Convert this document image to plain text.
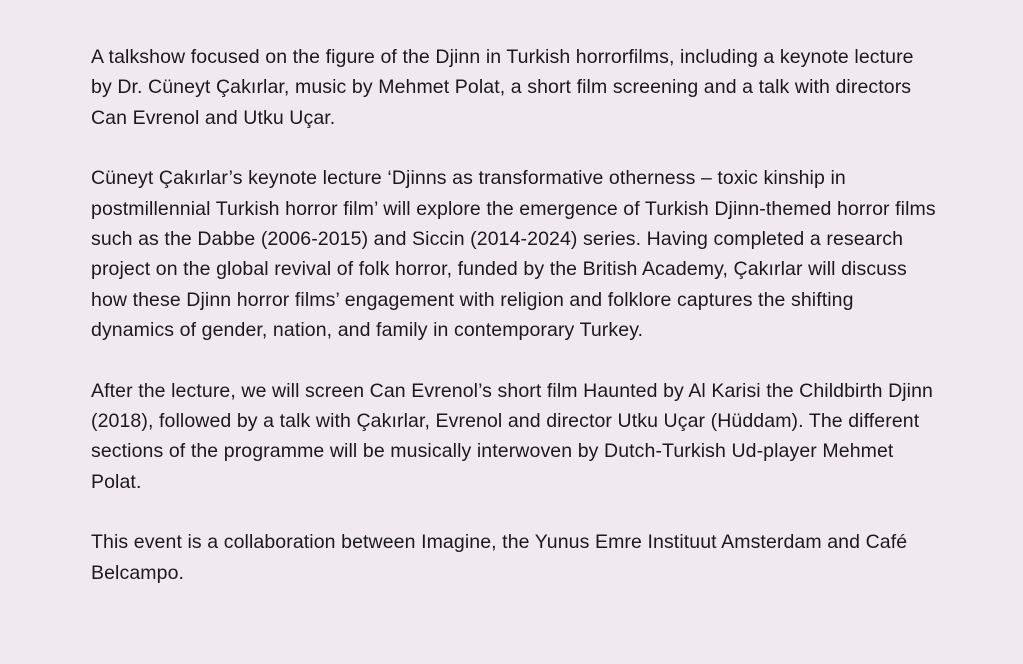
A talkshow focused on the figure of the Djinn in Turkish horrorfilms, including a keynote lecture by Dr. Cüneyt Çakırlar, music by Mehmet Polat, a short film screening and a talk with directors Can Evrenol and Utku Uçar.

Cüneyt Çakırlar’s keynote lecture ‘Djinns as transformative otherness – toxic kinship in postmillennial Turkish horror film’ will explore the emergence of Turkish Djinn-themed horror films such as the Dabbe (2006-2015) and Siccin (2014-2024) series. Having completed a research project on the global revival of folk horror, funded by the British Academy, Çakırlar will discuss how these Djinn horror films’ engagement with religion and folklore captures the shifting dynamics of gender, nation, and family in contemporary Turkey.

After the lecture, we will screen Can Evrenol’s short film Haunted by Al Karisi the Childbirth Djinn (2018), followed by a talk with Çakırlar, Evrenol and director Utku Uçar (Hüddam). The different sections of the programme will be musically interwoven by Dutch-Turkish Ud-player Mehmet Polat.

This event is a collaboration between Imagine, the Yunus Emre Instituut Amsterdam and Café Belcampo.
